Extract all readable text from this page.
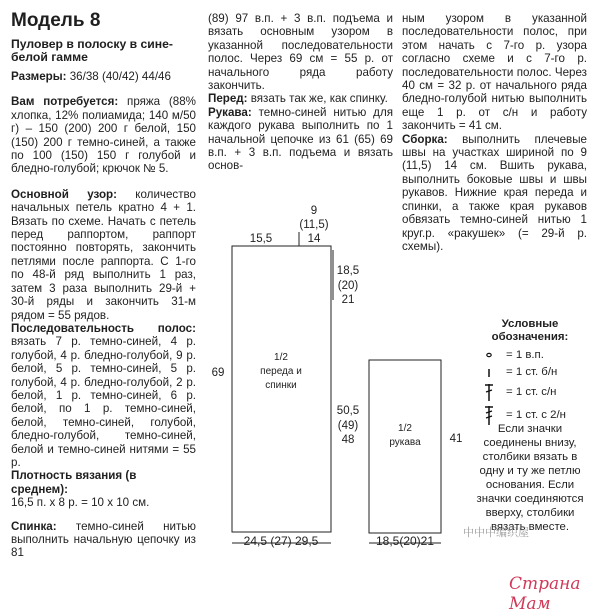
Модель 8

Пуловер в полоску в сине-белой гамме

Размеры: 36/38 (40/42) 44/46

Вам потребуется: пряжа (88% хлопка, 12% полиамида; 140 м/50 г) – 150 (200) 200 г белой, 150 (150) 200 г темно-синей, а также по 100 (150) 150 г голубой и бледно-голубой; крючок № 5.

Основной узор: количество начальных петель кратно 4 + 1. Вязать по схеме. Начать с петель перед раппортом, раппорт постоянно повторять, закончить петлями после раппорта. С 1-го по 48-й ряд выполнить 1 раз, затем 3 раза выполнить 29-й + 30-й ряды и закончить 31-м рядом = 55 рядов.

Последовательность полос: вязать 7 р. темно-синей, 4 р. голубой, 4 р. бледно-голубой, 9 р. белой, 5 р. темно-синей, 5 р. голубой, 4 р. бледно-голубой, 2 р. белой, 1 р. темно-синей, 6 р. белой, по 1 р. темно-синей, белой, темно-синей, голубой, бледно-голубой, темно-синей, белой и темно-синей нитями = 55 р.

Плотность вязания (в среднем):

16,5 п. х 8 р. = 10 х 10 см.

Спинка: темно-синей нитью выполнить начальную цепочку из 81

(89) 97 в.п. + 3 в.п. подъема и вязать основным узором в указанной последовательности полос. Через 69 см = 55 р. от начального ряда работу закончить.

Перед: вязать так же, как спинку.

Рукава: темно-синей нитью для каждого рукава выполнить по 1 начальной цепочке из 61 (65) 69 в.п. + 3 в.п. подъема и вязать основ-

ным узором в указанной последовательности полос, при этом начать с 7-го р. узора согласно схеме и с 7-го р. последовательности полос. Через 40 см = 32 р. от начального ряда бледно-голубой нитью выполнить еще 1 р. от с/н и работу закончить = 41 см.

Сборка: выполнить плечевые швы на участках шириной по 9 (11,5) 14 см. Вшить рукава, выполнить боковые швы и швы рукавов. Нижние края переда и спинки, а также края рукавов обвязать темно-синей нитью 1 круг.р. «ракушек» (= 29-й р. схемы).

9
(11,5)
15,5	14
18,5
(20)
21
69
50,5
(49)
48
24,5 (27) 29,5
1/2
переда и
спинки
1/2
рукава	41
18,5(20)21
Условные
обозначения:
= 1 в.п.
= 1 ст. б/н
= 1 ст. с/н
= 1 ст. с 2/н
Если значки соединены внизу, столбики вязать в одну и ту же петлю основания. Если значки соединяются вверху, столбики вязать вместе.
中中中编织屋
Страна Мам
